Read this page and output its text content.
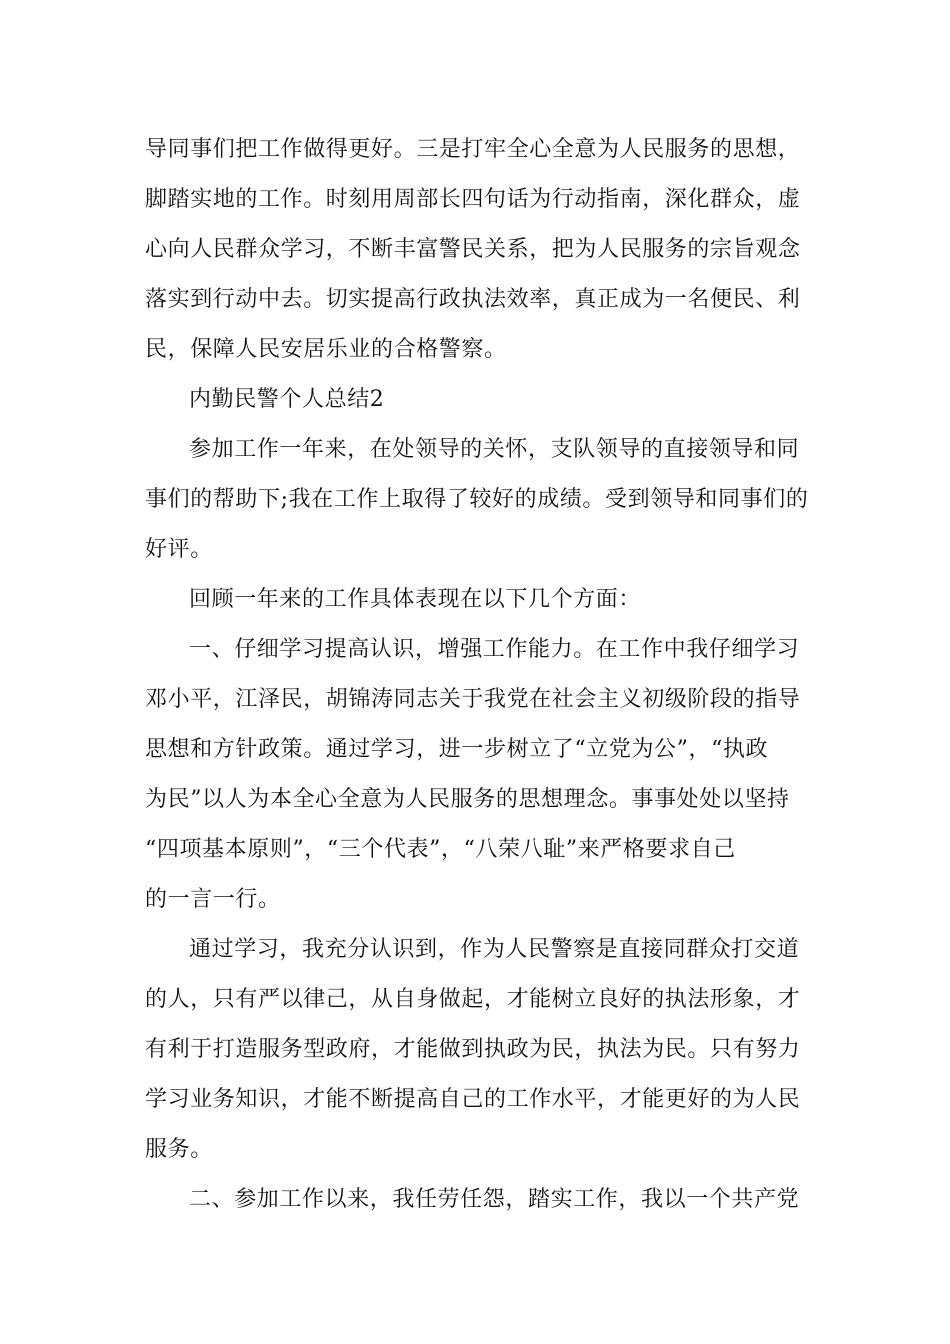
导同事们把工作做得更好。三是打牢全心全意为人民服务的思想，
脚踏实地的工作。时刻用周部长四句话为行动指南，深化群众，虚
心向人民群众学习，不断丰富警民关系，把为人民服务的宗旨观念
落实到行动中去。切实提高行政执法效率，真正成为一名便民、利
民，保障人民安居乐业的合格警察。
内勤民警个人总结2
参加工作一年来，在处领导的关怀，支队领导的直接领导和同
事们的帮助下;我在工作上取得了较好的成绩。受到领导和同事们的
好评。
回顾一年来的工作具体表现在以下几个方面：
一、仔细学习提高认识，增强工作能力。在工作中我仔细学习
邓小平，江泽民，胡锦涛同志关于我党在社会主义初级阶段的指导
思想和方针政策。通过学习，进一步树立了“立党为公”，“执政
为民”以人为本全心全意为人民服务的思想理念。事事处处以坚持
“四项基本原则”，“三个代表”，“八荣八耻”来严格要求自己
的一言一行。
通过学习，我充分认识到，作为人民警察是直接同群众打交道
的人，只有严以律己，从自身做起，才能树立良好的执法形象，才
有利于打造服务型政府，才能做到执政为民，执法为民。只有努力
学习业务知识，才能不断提高自己的工作水平，才能更好的为人民
服务。
二、参加工作以来，我任劳任怨，踏实工作，我以一个共产党
